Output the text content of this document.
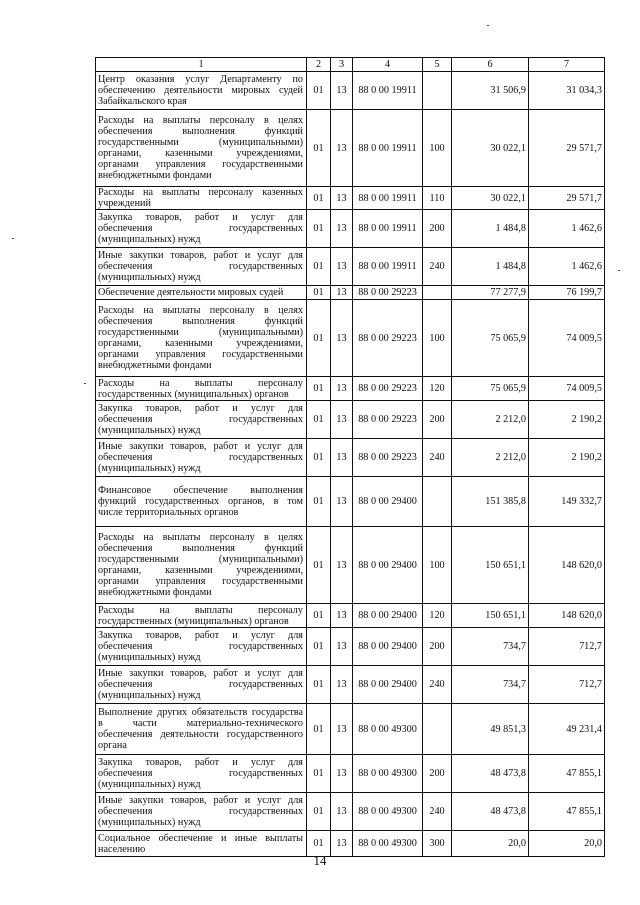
1	2	3	4	5	6	7
Центр оказания услуг Департаменту по обеспечению деятельности мировых судей Забайкальского края	01	13	88 0 00 19911		31 506,9	31 034,3
Расходы на выплаты персоналу в целях обеспечения выполнения функций государственными (муниципальными) органами, казенными учреждениями, органами управления государственными внебюджетными фондами	01	13	88 0 00 19911	100	30 022,1	29 571,7
Расходы на выплаты персоналу казенных учреждений	01	13	88 0 00 19911	110	30 022,1	29 571,7
Закупка товаров, работ и услуг для обеспечения государственных (муниципальных) нужд	01	13	88 0 00 19911	200	1 484,8	1 462,6
Иные закупки товаров, работ и услуг для обеспечения государственных (муниципальных) нужд	01	13	88 0 00 19911	240	1 484,8	1 462,6
Обеспечение деятельности мировых судей	01	13	88 0 00 29223		77 277,9	76 199,7
Расходы на выплаты персоналу в целях обеспечения выполнения функций государственными (муниципальными) органами, казенными учреждениями, органами управления государственными внебюджетными фондами	01	13	88 0 00 29223	100	75 065,9	74 009,5
Расходы на выплаты персоналу государственных (муниципальных) органов	01	13	88 0 00 29223	120	75 065,9	74 009,5
Закупка товаров, работ и услуг для обеспечения государственных (муниципальных) нужд	01	13	88 0 00 29223	200	2 212,0	2 190,2
Иные закупки товаров, работ и услуг для обеспечения государственных (муниципальных) нужд	01	13	88 0 00 29223	240	2 212,0	2 190,2
Финансовое обеспечение выполнения функций государственных органов, в том числе территориальных органов	01	13	88 0 00 29400		151 385,8	149 332,7
Расходы на выплаты персоналу в целях обеспечения выполнения функций государственными (муниципальными) органами, казенными учреждениями, органами управления государственными внебюджетными фондами	01	13	88 0 00 29400	100	150 651,1	148 620,0
Расходы на выплаты персоналу государственных (муниципальных) органов	01	13	88 0 00 29400	120	150 651,1	148 620,0
Закупка товаров, работ и услуг для обеспечения государственных (муниципальных) нужд	01	13	88 0 00 29400	200	734,7	712,7
Иные закупки товаров, работ и услуг для обеспечения государственных (муниципальных) нужд	01	13	88 0 00 29400	240	734,7	712,7
Выполнение других обязательств государства в части материально-технического обеспечения деятельности государственного органа	01	13	88 0 00 49300		49 851,3	49 231,4
Закупка товаров, работ и услуг для обеспечения государственных (муниципальных) нужд	01	13	88 0 00 49300	200	48 473,8	47 855,1
Иные закупки товаров, работ и услуг для обеспечения государственных (муниципальных) нужд	01	13	88 0 00 49300	240	48 473,8	47 855,1
Социальное обеспечение и иные выплаты населению	01	13	88 0 00 49300	300	20,0	20,0
14
